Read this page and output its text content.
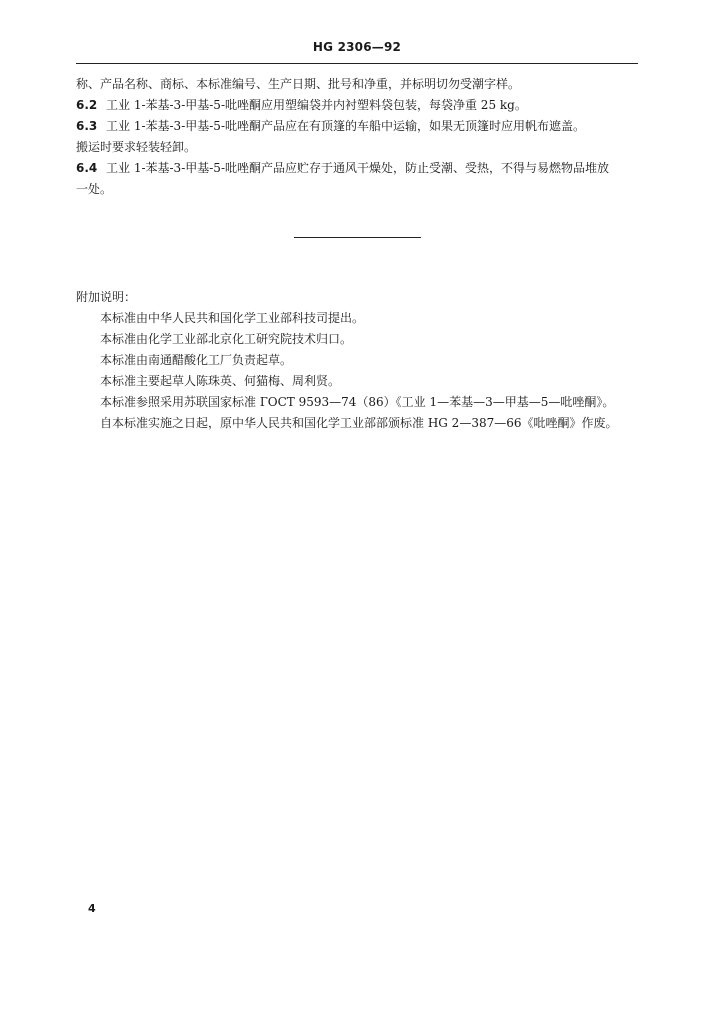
HG 2306—92
称、产品名称、商标、本标准编号、生产日期、批号和净重，并标明切勿受潮字样。
6.2 工业 1-苯基-3-甲基-5-吡唑酮应用塑编袋并内衬塑料袋包装，每袋净重 25 kg。
6.3 工业 1-苯基-3-甲基-5-吡唑酮产品应在有顶篷的车船中运输，如果无顶篷时应用帆布遮盖。
搬运时要求轻装轻卸。
6.4 工业 1-苯基-3-甲基-5-吡唑酮产品应贮存于通风干燥处，防止受潮、受热，不得与易燃物品堆放
一处。
附加说明：
本标准由中华人民共和国化学工业部科技司提出。
本标准由化学工业部北京化工研究院技术归口。
本标准由南通醋酸化工厂负责起草。
本标准主要起草人陈珠英、何猫梅、周利贤。
本标准参照采用苏联国家标准 ГОСТ 9593—74（86）《工业 1—苯基—3—甲基—5—吡唑酮》。
自本标准实施之日起，原中华人民共和国化学工业部部颁标准 HG 2—387—66《吡唑酮》作废。
4
